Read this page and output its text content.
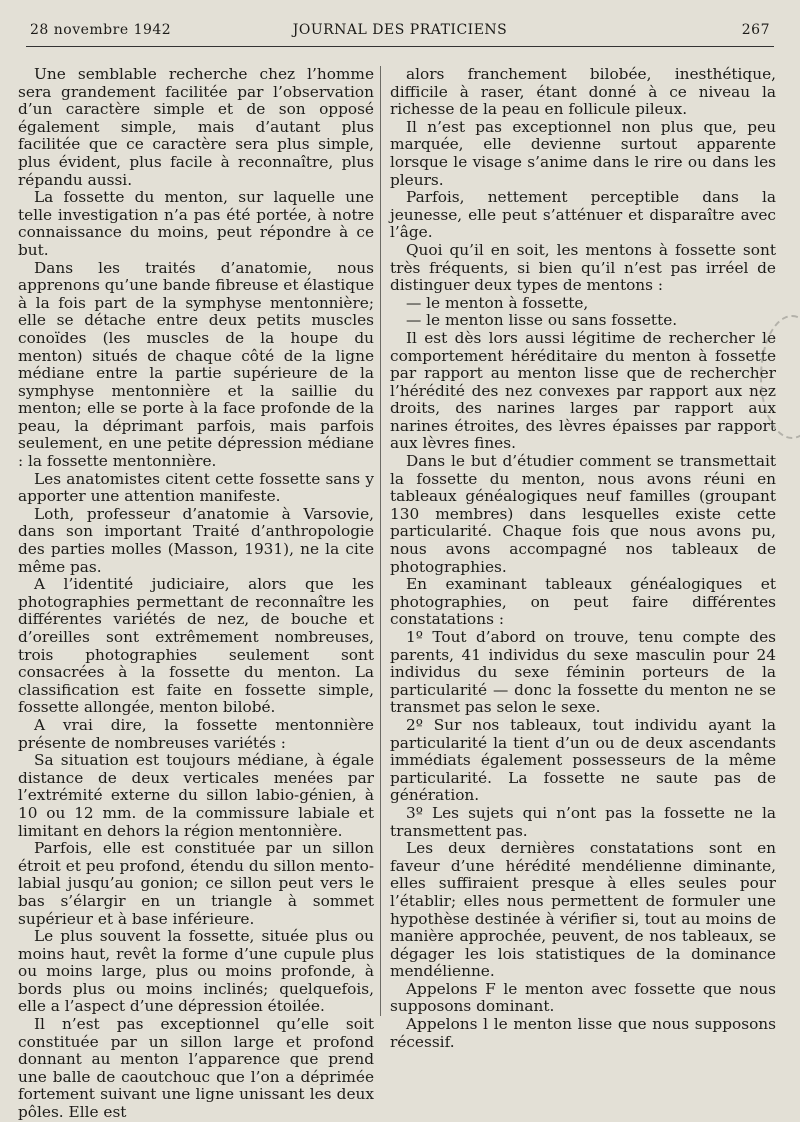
28 novembre 1942	JOURNAL DES PRATICIENS	267

Une semblable recherche chez l’homme sera grandement facilitée par l’observation d’un caractère simple et de son opposé également simple, mais d’autant plus facilitée que ce caractère sera plus simple, plus évident, plus facile à reconnaître, plus répandu aussi.

La fossette du menton, sur laquelle une telle investigation n’a pas été portée, à notre connaissance du moins, peut répondre à ce but.

Dans les traités d’anatomie, nous apprenons qu’une bande fibreuse et élastique à la fois part de la symphyse mentonnière; elle se détache entre deux petits muscles conoïdes (les muscles de la houpe du menton) situés de chaque côté de la ligne médiane entre la partie supérieure de la symphyse mentonnière et la saillie du menton; elle se porte à la face profonde de la peau, la déprimant parfois, mais parfois seulement, en une petite dépression médiane : la fossette mentonnière.

Les anatomistes citent cette fossette sans y apporter une attention manifeste.

Loth, professeur d’anatomie à Varsovie, dans son important Traité d’anthropologie des parties molles (Masson, 1931), ne la cite même pas.

A l’identité judiciaire, alors que les photographies permettant de reconnaître les différentes variétés de nez, de bouche et d’oreilles sont extrêmement nombreuses, trois photographies seulement sont consacrées à la fossette du menton. La classification est faite en fossette simple, fossette allongée, menton bilobé.

A vrai dire, la fossette mentonnière présente de nombreuses variétés :

Sa situation est toujours médiane, à égale distance de deux verticales menées par l’extrémité externe du sillon labio-génien, à 10 ou 12 mm. de la commissure labiale et limitant en dehors la région mentonnière.

Parfois, elle est constituée par un sillon étroit et peu profond, étendu du sillon mento-labial jusqu’au gonion; ce sillon peut vers le bas s’élargir en un triangle à sommet supérieur et à base inférieure.

Le plus souvent la fossette, située plus ou moins haut, revêt la forme d’une cupule plus ou moins large, plus ou moins profonde, à bords plus ou moins inclinés; quelquefois, elle a l’aspect d’une dépression étoilée.

Il n’est pas exceptionnel qu’elle soit constituée par un sillon large et profond donnant au menton l’apparence que prend une balle de caoutchouc que l’on a déprimée fortement suivant une ligne unissant les deux pôles. Elle est

alors franchement bilobée, inesthétique, difficile à raser, étant donné à ce niveau la richesse de la peau en follicule pileux.

Il n’est pas exceptionnel non plus que, peu marquée, elle devienne surtout apparente lorsque le visage s’anime dans le rire ou dans les pleurs.

Parfois, nettement perceptible dans la jeunesse, elle peut s’atténuer et disparaître avec l’âge.

Quoi qu’il en soit, les mentons à fossette sont très fréquents, si bien qu’il n’est pas irréel de distinguer deux types de mentons :

— le menton à fossette,

— le menton lisse ou sans fossette.

Il est dès lors aussi légitime de rechercher le comportement héréditaire du menton à fossette par rapport au menton lisse que de rechercher l’hérédité des nez convexes par rapport aux nez droits, des narines larges par rapport aux narines étroites, des lèvres épaisses par rapport aux lèvres fines.

Dans le but d’étudier comment se transmettait la fossette du menton, nous avons réuni en tableaux généalogiques neuf familles (groupant 130 membres) dans lesquelles existe cette particularité. Chaque fois que nous avons pu, nous avons accompagné nos tableaux de photographies.

En examinant tableaux généalogiques et photographies, on peut faire différentes constatations :

1º Tout d’abord on trouve, tenu compte des parents, 41 individus du sexe masculin pour 24 individus du sexe féminin porteurs de la particularité — donc la fossette du menton ne se transmet pas selon le sexe.

2º Sur nos tableaux, tout individu ayant la particularité la tient d’un ou de deux ascendants immédiats également possesseurs de la même particularité. La fossette ne saute pas de génération.

3º Les sujets qui n’ont pas la fossette ne la transmettent pas.

Les deux dernières constatations sont en faveur d’une hérédité mendélienne diminante, elles suffiraient presque à elles seules pour l’établir; elles nous permettent de formuler une hypothèse destinée à vérifier si, tout au moins de manière approchée, peuvent, de nos tableaux, se dégager les lois statistiques de la dominance mendélienne.

Appelons F le menton avec fossette que nous supposons dominant.

Appelons l le menton lisse que nous supposons récessif.
